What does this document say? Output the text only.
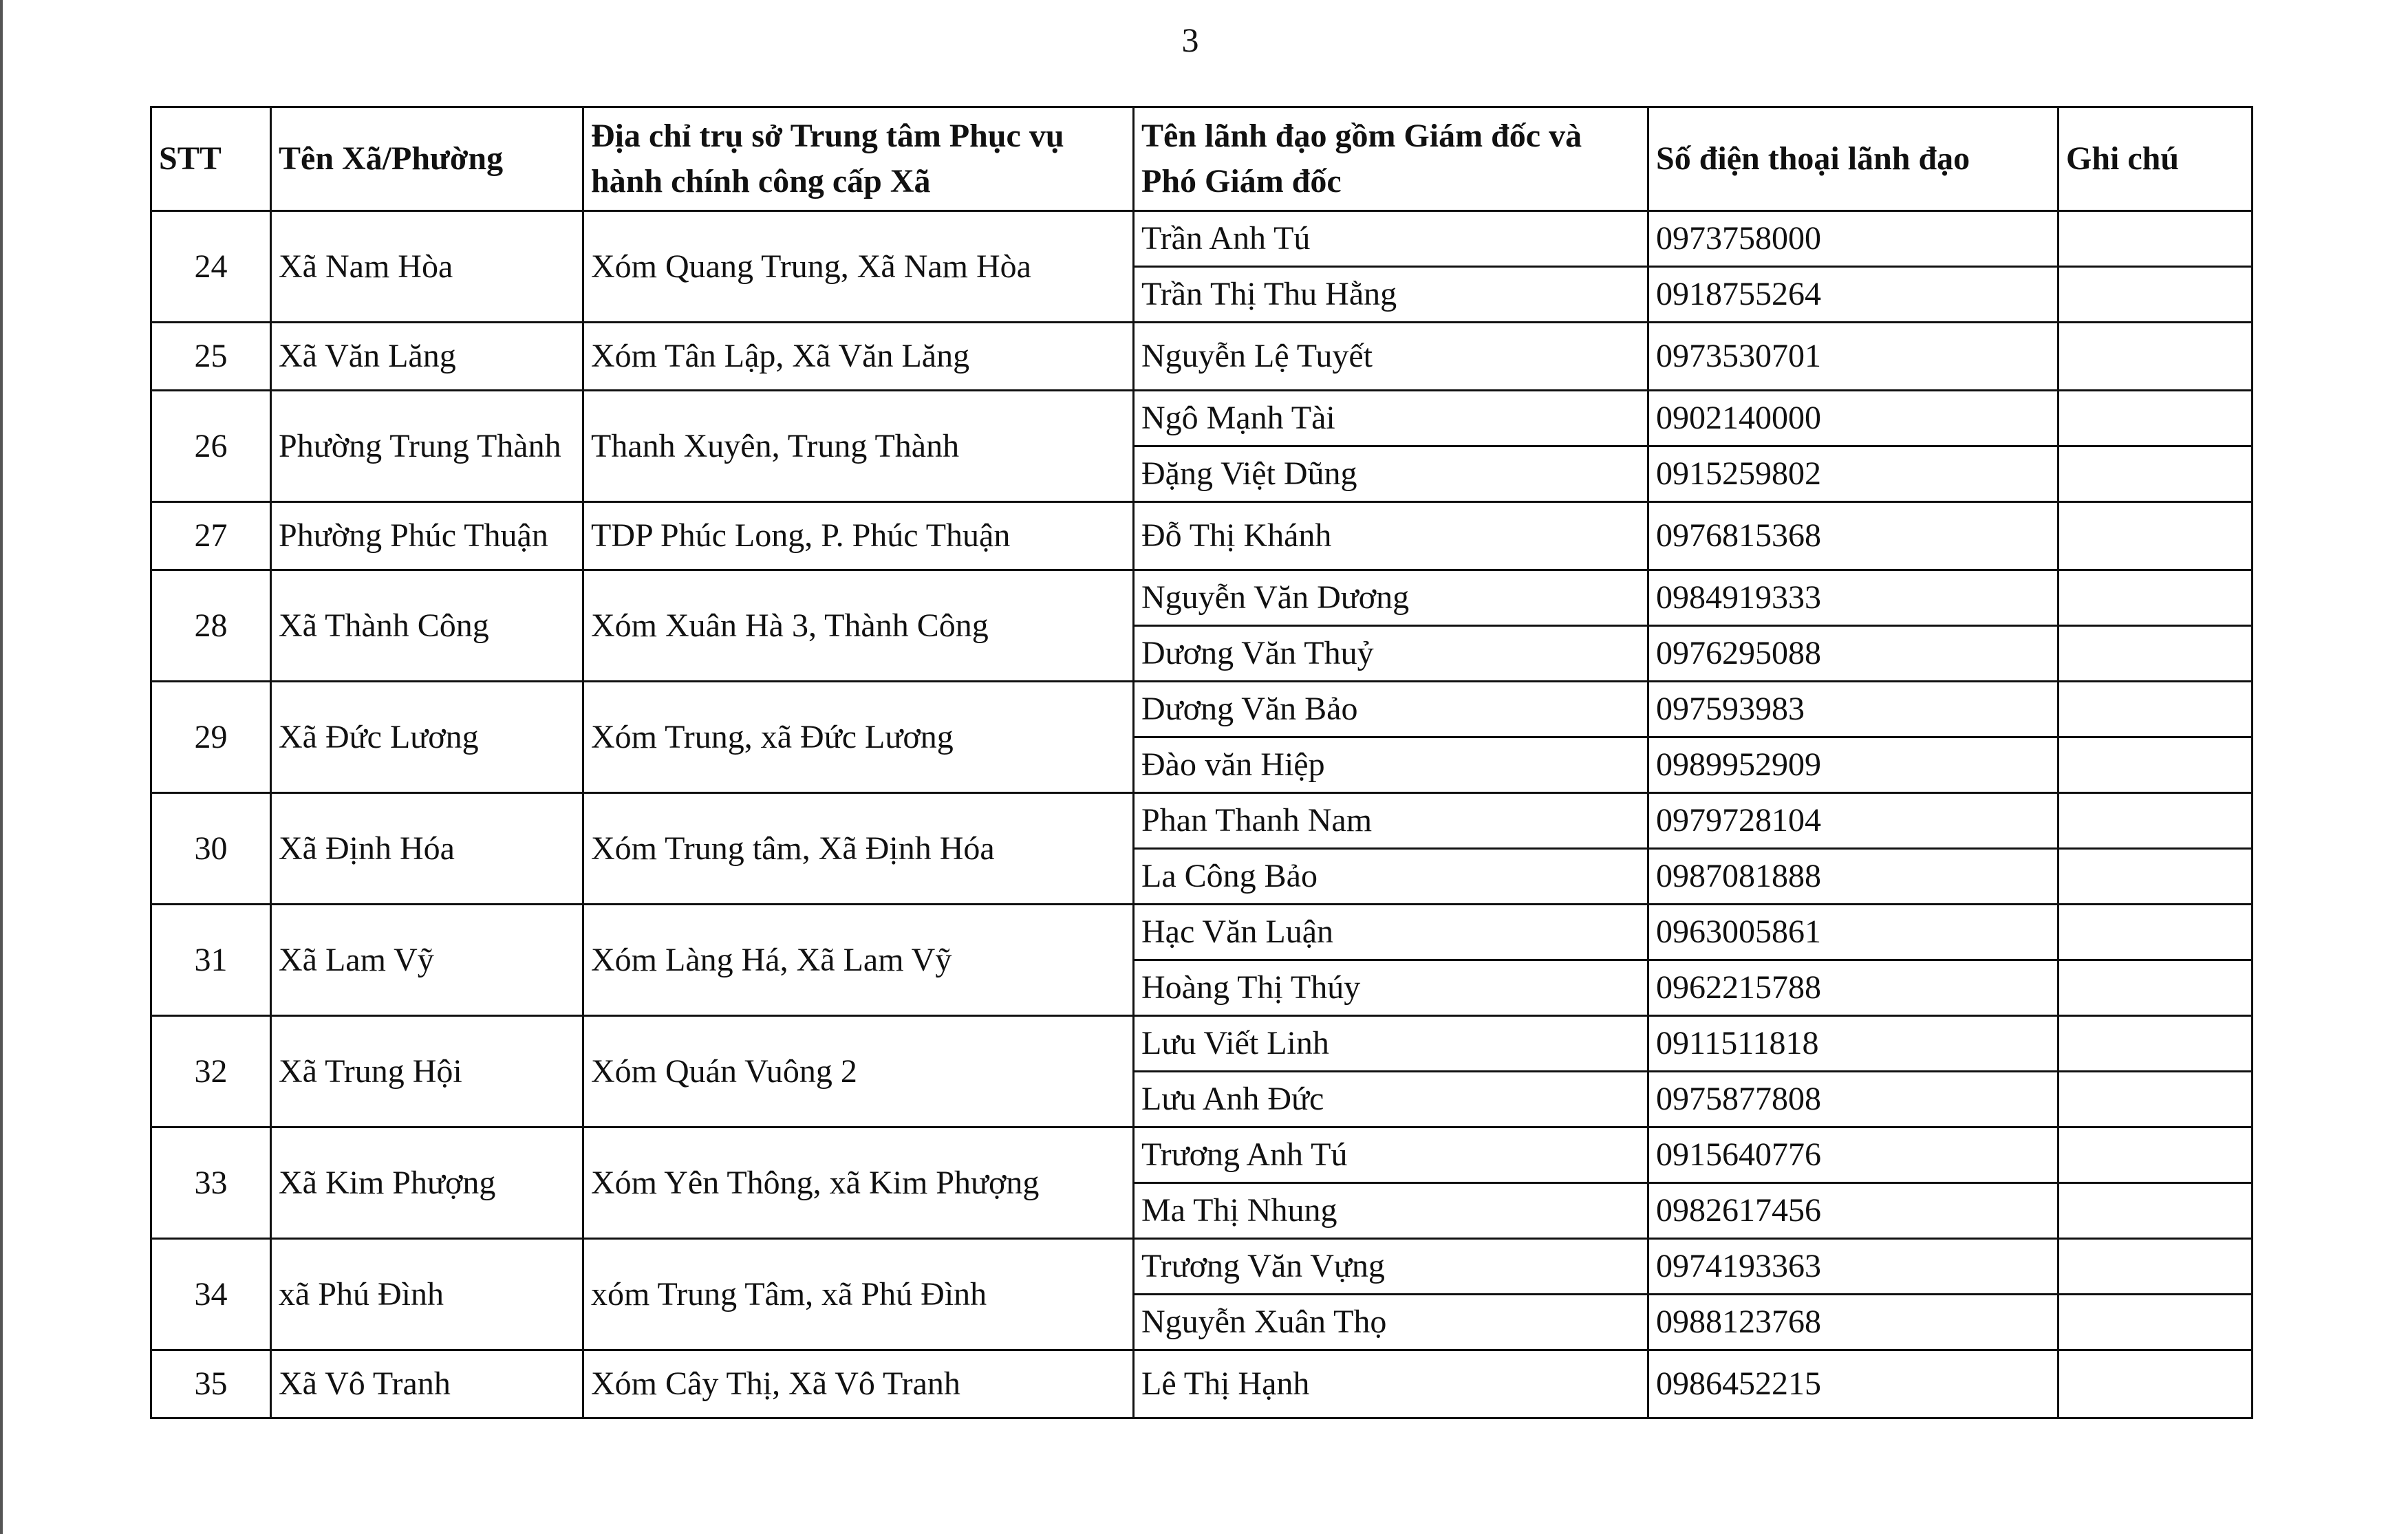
3
STT	Tên Xã/Phường	Địa chỉ trụ sở Trung tâm Phục vụ hành chính công cấp Xã	Tên lãnh đạo gồm Giám đốc và Phó Giám đốc	Số điện thoại lãnh đạo	Ghi chú
24	Xã Nam Hòa	Xóm Quang Trung, Xã Nam Hòa	Trần Anh Tú	0973758000	
			Trần Thị Thu Hằng	0918755264	
25	Xã Văn Lăng	Xóm Tân Lập, Xã Văn Lăng	Nguyễn Lệ Tuyết	0973530701	
26	Phường Trung Thành	Thanh Xuyên, Trung Thành	Ngô Mạnh Tài	0902140000	
			Đặng Việt Dũng	0915259802	
27	Phường Phúc Thuận	TDP Phúc Long, P. Phúc Thuận	Đỗ Thị Khánh	0976815368	
28	Xã Thành Công	Xóm Xuân Hà 3, Thành Công	Nguyễn Văn Dương	0984919333	
			Dương Văn Thuỷ	0976295088	
29	Xã Đức Lương	Xóm Trung, xã Đức Lương	Dương Văn Bảo	097593983	
			Đào văn Hiệp	0989952909	
30	Xã Định Hóa	Xóm Trung tâm, Xã Định Hóa	Phan Thanh Nam	0979728104	
			La Công Bảo	0987081888	
31	Xã Lam Vỹ	Xóm Làng Há, Xã Lam Vỹ	Hạc Văn Luận	0963005861	
			Hoàng Thị Thúy	0962215788	
32	Xã Trung Hội	Xóm Quán Vuông 2	Lưu Viết Linh	0911511818	
			Lưu Anh Đức	0975877808	
33	Xã Kim Phượng	Xóm Yên Thông, xã Kim Phượng	Trương Anh Tú	0915640776	
			Ma Thị Nhung	0982617456	
34	xã Phú Đình	xóm Trung Tâm, xã Phú Đình	Trương Văn Vựng	0974193363	
			Nguyễn Xuân Thọ	0988123768	
35	Xã Vô Tranh	Xóm Cây Thị, Xã Vô Tranh	Lê Thị Hạnh	0986452215	
